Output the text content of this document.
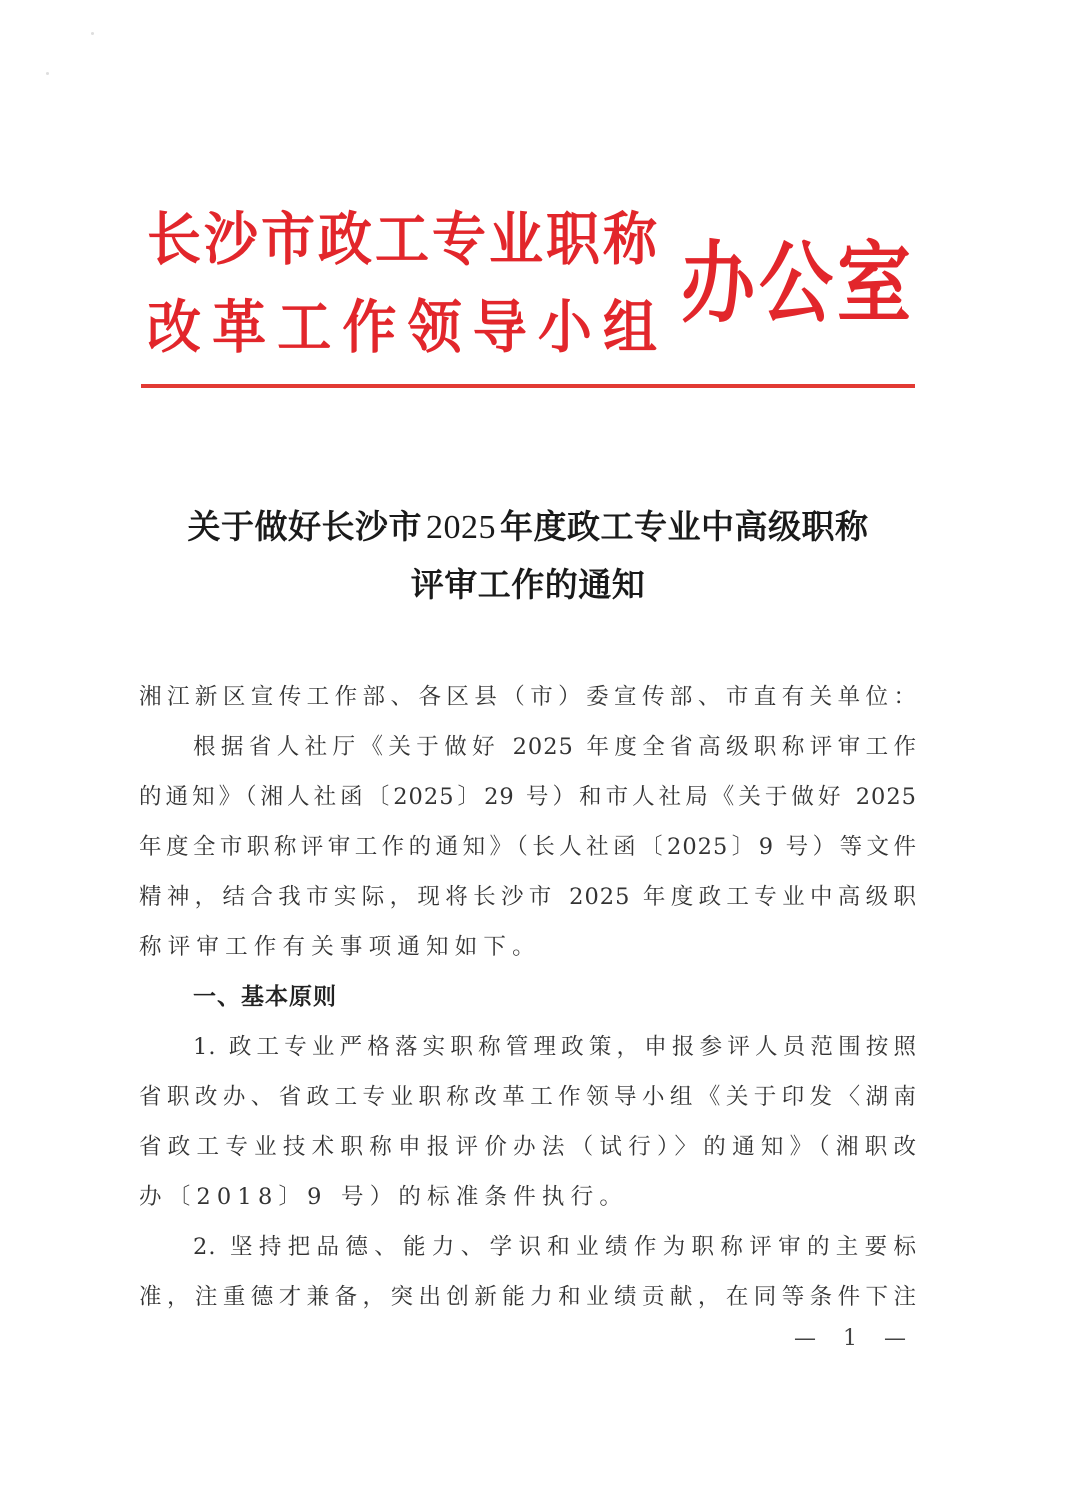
长 沙 市 政 工 专 业 职 称
改 革 工 作 领 导 小 组 办 公 室
关于做好长沙市 2025 年度政工专业中高级职称
评审工作的通知
湘江新区宣传工作部、各区县（市）委宣传部、市直有关单位：
根据省人社厅《关于做好 2025 年度全省高级职称评审工作
的通知》（湘人社函〔2025〕29 号）和市人社局《关于做好 2025
年度全市职称评审工作的通知》（长人社函〔2025〕9 号）等文件
精神，结合我市实际，现将长沙市 2025 年度政工专业中高级职
称评审工作有关事项通知如下。
一、基本原则
1. 政工专业严格落实职称管理政策，申报参评人员范围按照
省职改办、省政工专业职称改革工作领导小组《关于印发〈湖南
省政工专业技术职称申报评价办法（试行）〉的通知》（湘职改
办〔2018〕9 号）的标准条件执行。
2. 坚持把品德、能力、学识和业绩作为职称评审的主要标
准，注重德才兼备，突出创新能力和业绩贡献，在同等条件下注
— 1 —
